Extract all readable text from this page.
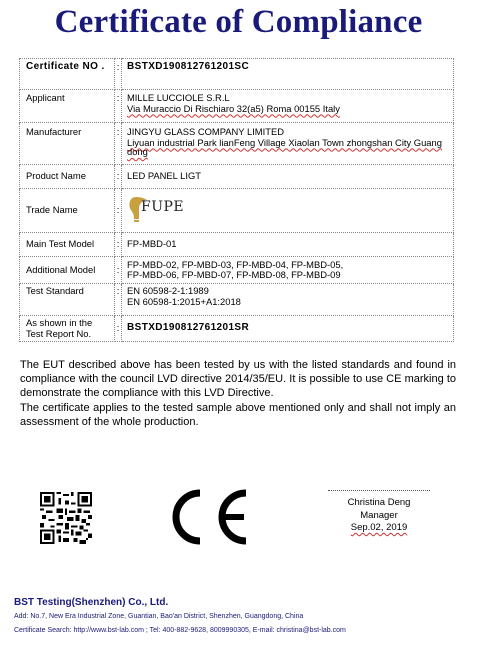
Certificate of Compliance
Certificate NO .	:	BSTXD190812761201SC
Applicant	:	MILLE LUCCIOLE S.R.L
Via Muraccio Di Rischiaro 32(a5) Roma 00155 Italy

Manufacturer	:	JINGYU GLASS COMPANY LIMITED
Liyuan industrial Park lianFeng Village Xiaolan Town zhongshan City Guang dong

Product Name	:	LED PANEL LIGT
Trade Name	:	FUPE

Main Test Model	:	FP-MBD-01
Additional Model	:	FP-MBD-02, FP-MBD-03, FP-MBD-04, FP-MBD-05,
FP-MBD-06, FP-MBD-07, FP-MBD-08, FP-MBD-09

Test Standard	:	EN 60598-2-1:1989
EN 60598-1:2015+A1:2018

As shown in the
Test Report No.	:	BSTXD190812761201SR
The EUT described above has been tested by us with the listed standards and found in compliance with the council LVD directive 2014/35/EU. It is possible to use CE marking to demonstrate the compliance with this LVD Directive.
The certificate applies to the tested sample above mentioned only and shall not imply an assessment of the whole production.
Christina Deng
Manager
Sep.02, 2019
BST Testing(Shenzhen) Co., Ltd.
Add: No.7, New Era Industrial Zone, Guantian, Bao'an District, Shenzhen, Guangdong, China
Certificate Search: http://www.bst-lab.com ; Tel: 400-882-9628, 8009990305, E-mail: christina@bst-lab.com
